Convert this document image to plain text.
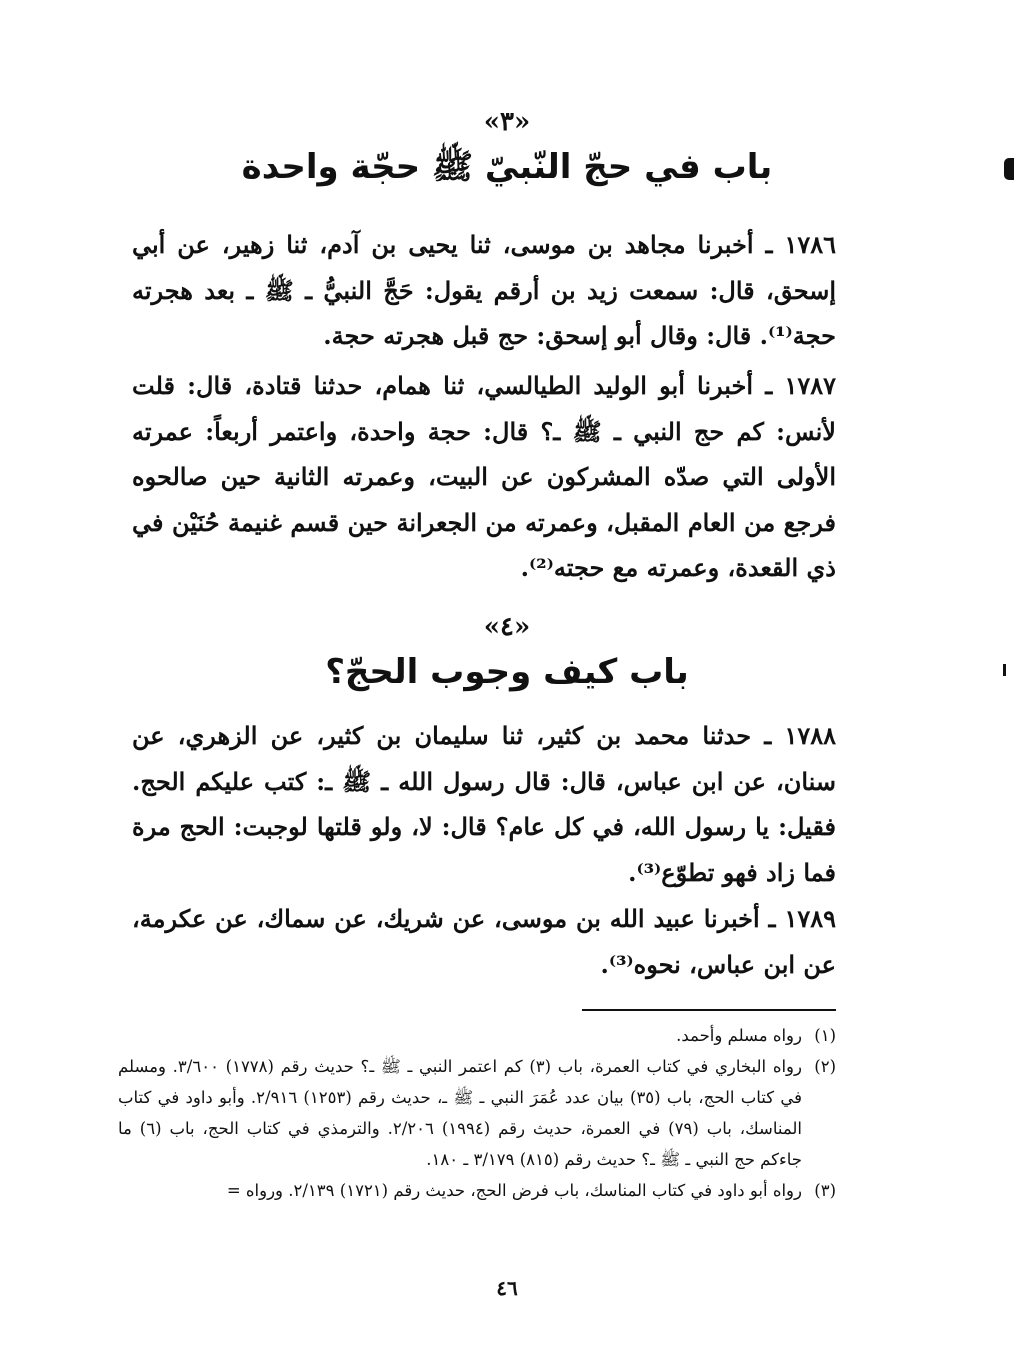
«٣»
باب في حجّ النّبيّ ﷺ حجّة واحدة
١٧٨٦ ـ أخبرنا مجاهد بن موسى، ثنا يحيى بن آدم، ثنا زهير، عن أبي إسحق، قال: سمعت زيد بن أرقم يقول: حَجَّ النبيُّ ـ ﷺ ـ بعد هجرته حجة⁽¹⁾. قال: وقال أبو إسحق: حج قبل هجرته حجة.
١٧٨٧ ـ أخبرنا أبو الوليد الطيالسي، ثنا همام، حدثنا قتادة، قال: قلت لأنس: كم حج النبي ـ ﷺ ـ؟ قال: حجة واحدة، واعتمر أربعاً: عمرته الأولى التي صدّه المشركون عن البيت، وعمرته الثانية حين صالحوه فرجع من العام المقبل، وعمرته من الجعرانة حين قسم غنيمة حُنَيْن في ذي القعدة، وعمرته مع حجته⁽²⁾.
«٤»
باب كيف وجوب الحجّ؟
١٧٨٨ ـ حدثنا محمد بن كثير، ثنا سليمان بن كثير، عن الزهري، عن سنان، عن ابن عباس، قال: قال رسول الله ـ ﷺ ـ: كتب عليكم الحج. فقيل: يا رسول الله، في كل عام؟ قال: لا، ولو قلتها لوجبت: الحج مرة فما زاد فهو تطوّع⁽³⁾.
١٧٨٩ ـ أخبرنا عبيد الله بن موسى، عن شريك، عن سماك، عن عكرمة، عن ابن عباس، نحوه⁽³⁾.
(١)
رواه مسلم وأحمد.
(٢)
رواه البخاري في كتاب العمرة، باب (٣) كم اعتمر النبي ـ ﷺ ـ؟ حديث رقم (١٧٧٨) ٣/٦٠٠. ومسلم في كتاب الحج، باب (٣٥) بيان عدد عُمَرَ النبي ـ ﷺ ـ، حديث رقم (١٢٥٣) ٢/٩١٦. وأبو داود في كتاب المناسك، باب (٧٩) في العمرة، حديث رقم (١٩٩٤) ٢/٢٠٦. والترمذي في كتاب الحج، باب (٦) ما جاءكم حج النبي ـ ﷺ ـ؟ حديث رقم (٨١٥) ٣/١٧٩ ـ ١٨٠.
(٣)
رواه أبو داود في كتاب المناسك، باب فرض الحج، حديث رقم (١٧٢١) ٢/١٣٩. ورواه =
٤٦
